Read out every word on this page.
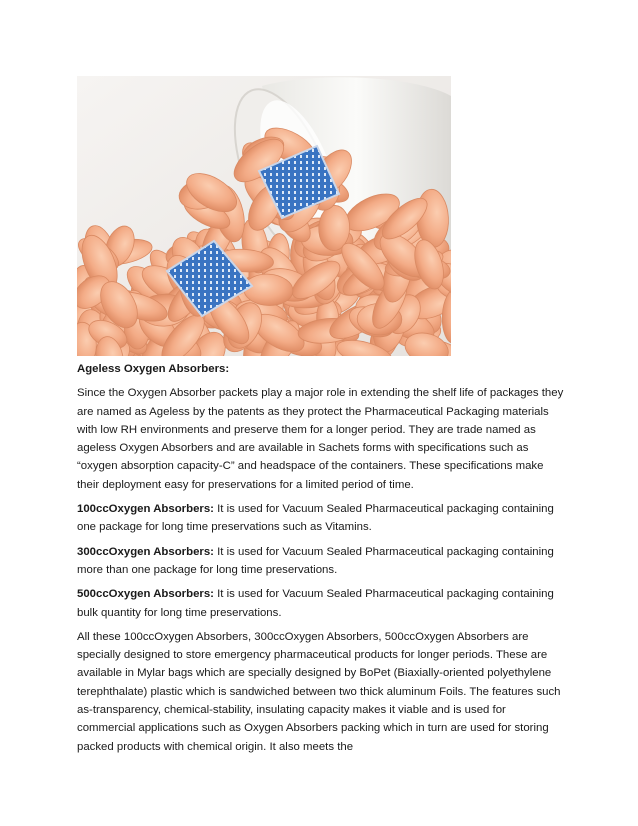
Ageless Oxygen Absorbers:

Since the Oxygen Absorber packets play a major role in extending the shelf life of packages they are named as Ageless by the patents as they protect the Pharmaceutical Packaging materials with low RH environments and preserve them for a longer period. They are trade named as ageless Oxygen Absorbers and are available in Sachets forms with specifications such as “oxygen absorption capacity-C” and headspace of the containers. These specifications make their deployment easy for preservations for a limited period of time.

100ccOxygen Absorbers: It is used for Vacuum Sealed Pharmaceutical packaging containing one package for long time preservations such as Vitamins.

300ccOxygen Absorbers: It is used for Vacuum Sealed Pharmaceutical packaging containing more than one package for long time preservations.

500ccOxygen Absorbers: It is used for Vacuum Sealed Pharmaceutical packaging containing bulk quantity for long time preservations.

All these 100ccOxygen Absorbers, 300ccOxygen Absorbers, 500ccOxygen Absorbers are specially designed to store emergency pharmaceutical products for longer periods. These are available in Mylar bags which are specially designed by BoPet (Biaxially-oriented polyethylene terephthalate) plastic which is sandwiched between two thick aluminum Foils. The features such as-transparency, chemical-stability, insulating capacity makes it viable and is used for commercial applications such as Oxygen Absorbers packing which in turn are used for storing packed products with chemical origin. It also meets the
